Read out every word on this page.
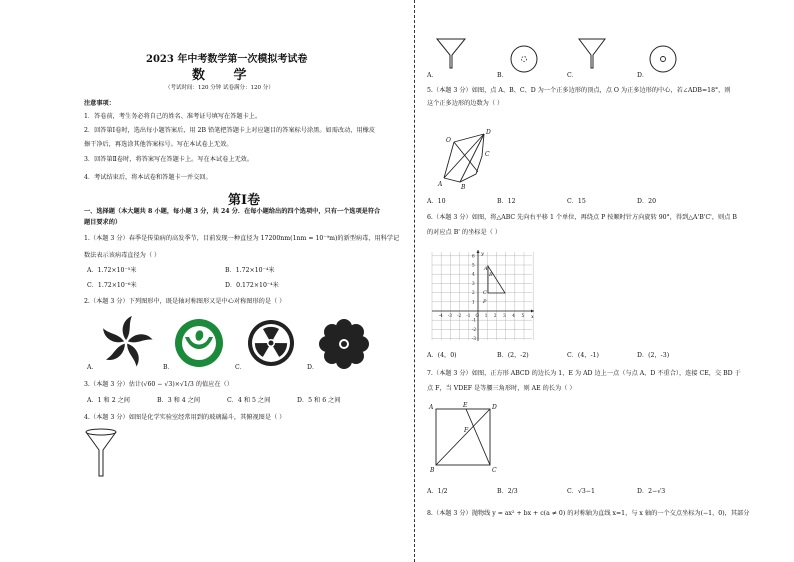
2023 年中考数学第一次模拟考试卷
数 学
（考试时间：120 分钟 试卷满分：120 分）
注意事项：
1．答卷前，考生务必将自己的姓名、准考证号填写在答题卡上。
2．回答第Ⅰ卷时，选出每小题答案后，用 2B 铅笔把答题卡上对应题目的答案标号涂黑。如需改动，用橡皮
擦干净后，再选涂其他答案标号。写在本试卷上无效。
3．回答第Ⅱ卷时，将答案写在答题卡上。写在本试卷上无效。
4．考试结束后，将本试卷和答题卡一并交回。
第Ⅰ卷
一、选择题（本大题共 8 小题，每小题 3 分，共 24 分．在每小题给出的四个选项中，只有一个选项是符合
题目要求的）
1.（本题 3 分）春季是传染病的高发季节，目前发现一种直径为 17200nm(1nm = 10⁻⁹m)的新型病毒，用科学记
数法表示该病毒直径为（ ）
A．1.72×10⁻⁵米	B．1.72×10⁻⁴米
C．1.72×10⁻⁶米	D．0.172×10⁻⁴米
2.（本题 3 分）下列图形中，既是轴对称图形又是中心对称图形的是（ ）
A．	B．	C．	D．
3.（本题 3 分）估计(√60 − √3)×√1/3 的值应在（）
A．1 和 2 之间	B．3 和 4 之间	C．4 和 5 之间	D．5 和 6 之间
4.（本题 3 分）如图是化学实验室经常用到的玻璃漏斗，其俯视图是（ ）
A．	B．	C．	D．
5.（本题 3 分）如图，点 A、B、C、D 为一个正多边形的顶点，点 O 为正多边形的中心，若∠ADB=18°，则
这个正多边形的边数为（ ）
O
A	B
C
D
A．10	B．12	C．15	D．20
6.（本题 3 分）如图，将△ABC 先向右平移 1 个单位，再绕点 P 按顺时针方向旋转 90°，得到△A'B'C'，则点 B
的对应点 B' 的坐标是（ ）
-4 -3 -2 -1 O 1 2 3 4 5
6
5
4
3
2
1
-1
-2
-3
A
B
C
P
x
y
A．(4，0)	B．(2，-2)	C．(4，-1)	D．(2，-3)
7.（本题 3 分）如图，正方形 ABCD 的边长为 1，E 为 AD 边上一点（与点 A、D 不重合），连接 CE，交 BD 于
点 F，当 VDEF 是等腰三角形时，则 AE 的长为（ ）
A	E	D
F
B	C
A．1/2	B．2/3	C．√3−1	D．2−√3
8.（本题 3 分）抛物线 y = ax² + bx + c(a ≠ 0) 的对称轴为直线 x=1，与 x 轴的一个交点坐标为(−1，0)，其部分
